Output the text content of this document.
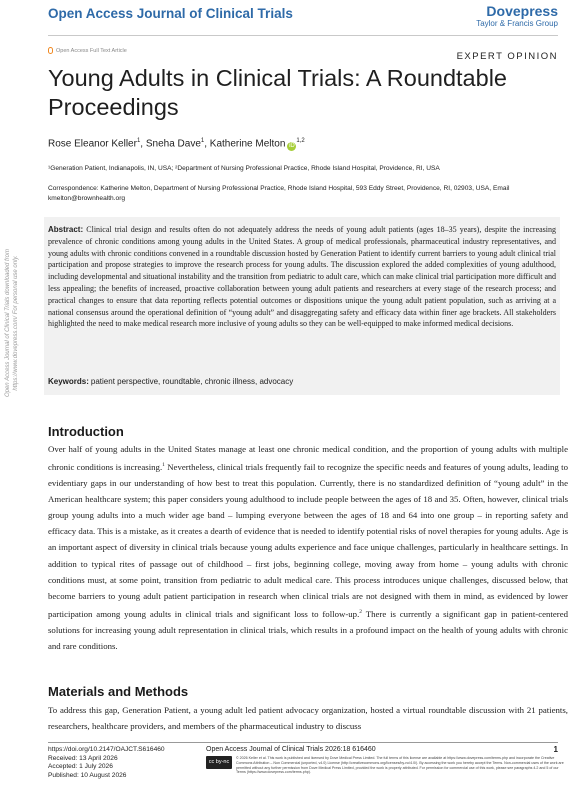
Open Access Journal of Clinical Trials	Dovepress
Taylor & Francis Group
Open Access Full Text Article
EXPERT OPINION
Young Adults in Clinical Trials: A Roundtable Proceedings
Rose Eleanor Keller$^1$, Sneha Dave$^1$, Katherine Melton iD$^{1,2}$
¹Generation Patient, Indianapolis, IN, USA; ²Department of Nursing Professional Practice, Rhode Island Hospital, Providence, RI, USA
Correspondence: Katherine Melton, Department of Nursing Professional Practice, Rhode Island Hospital, 593 Eddy Street, Providence, RI, 02903, USA, Email kmelton@brownhealth.org
Open Access Journal of Clinical Trials downloaded from https://www.dovepress.com/ For personal use only.
Abstract: Clinical trial design and results often do not adequately address the needs of young adult patients (ages 18–35 years), despite the increasing prevalence of chronic conditions among young adults in the United States. A group of medical professionals, pharmaceutical industry representatives, and young adults with chronic conditions convened in a roundtable discussion hosted by Generation Patient to identify current barriers to young adult clinical trial participation and propose strategies to improve the research process for young adults. The discussion explored the added complexities of young adulthood, including developmental and situational instability and the transition from pediatric to adult care, which can make clinical trial participation more difficult and less appealing; the benefits of increased, proactive collaboration between young adult patients and researchers at every stage of the research process; and practical changes to ensure that data reporting reflects potential outcomes or dispositions unique the young adult patient population, such as arriving at a national consensus around the operational definition of “young adult” and disaggregating safety and efficacy data within finer age brackets. All stakeholders highlighted the need to make medical research more inclusive of young adults so they can be well-equipped to make informed medical decisions.
Keywords: patient perspective, roundtable, chronic illness, advocacy
Introduction
Over half of young adults in the United States manage at least one chronic medical condition, and the proportion of young adults with multiple chronic conditions is increasing.$^1$ Nevertheless, clinical trials frequently fail to recognize the specific needs and features of young adults, leading to evidentiary gaps in our understanding of how best to treat this population. Currently, there is no standardized definition of “young adult” in the American healthcare system; this paper considers young adulthood to include people between the ages of 18 and 35. Often, however, clinical trials group young adults into a much wider age band – lumping everyone between the ages of 18 and 64 into one group – in reporting safety and efficacy data. This is a mistake, as it creates a dearth of evidence that is needed to identify potential risks of novel therapies for young adults. Age is an important aspect of diversity in clinical trials because young adults experience and face unique challenges, particularly in healthcare settings. In addition to typical rites of passage out of childhood – first jobs, beginning college, moving away from home – young adults with chronic conditions must, at some point, transition from pediatric to adult medical care. This process introduces unique challenges, discussed below, that become barriers to young adult patient participation in research when clinical trials are not designed with them in mind, as evidenced by lower participation among young adults in clinical trials and significant loss to follow-up.$^2$ There is currently a significant gap in patient-centered solutions for increasing young adult representation in clinical trials, which results in a profound impact on the health of young adults with chronic and rare conditions.
Materials and Methods
To address this gap, Generation Patient, a young adult led patient advocacy organization, hosted a virtual roundtable discussion with 21 patients, researchers, healthcare providers, and members of the pharmaceutical industry to discuss
https://doi.org/10.2147/OAJCT.S616460
Received: 13 April 2026
Accepted: 1 July 2026
Published: 10 August 2026
Open Access Journal of Clinical Trials 2026:18 616460	1
cc by-nc
© 2026 Keller et al. This work is published and licensed by Dove Medical Press Limited. The full terms of this license are available at https://www.dovepress.com/terms.php and incorporate the Creative Commons Attribution – Non Commercial (unported, v4.0) License (http://creativecommons.org/licenses/by-nc/4.0/). By accessing the work you hereby accept the Terms. Non-commercial uses of the work are permitted without any further permission from Dove Medical Press Limited, provided the work is properly attributed. For permission for commercial use of this work, please see paragraphs 4.2 and 5 of our Terms (https://www.dovepress.com/terms.php).
